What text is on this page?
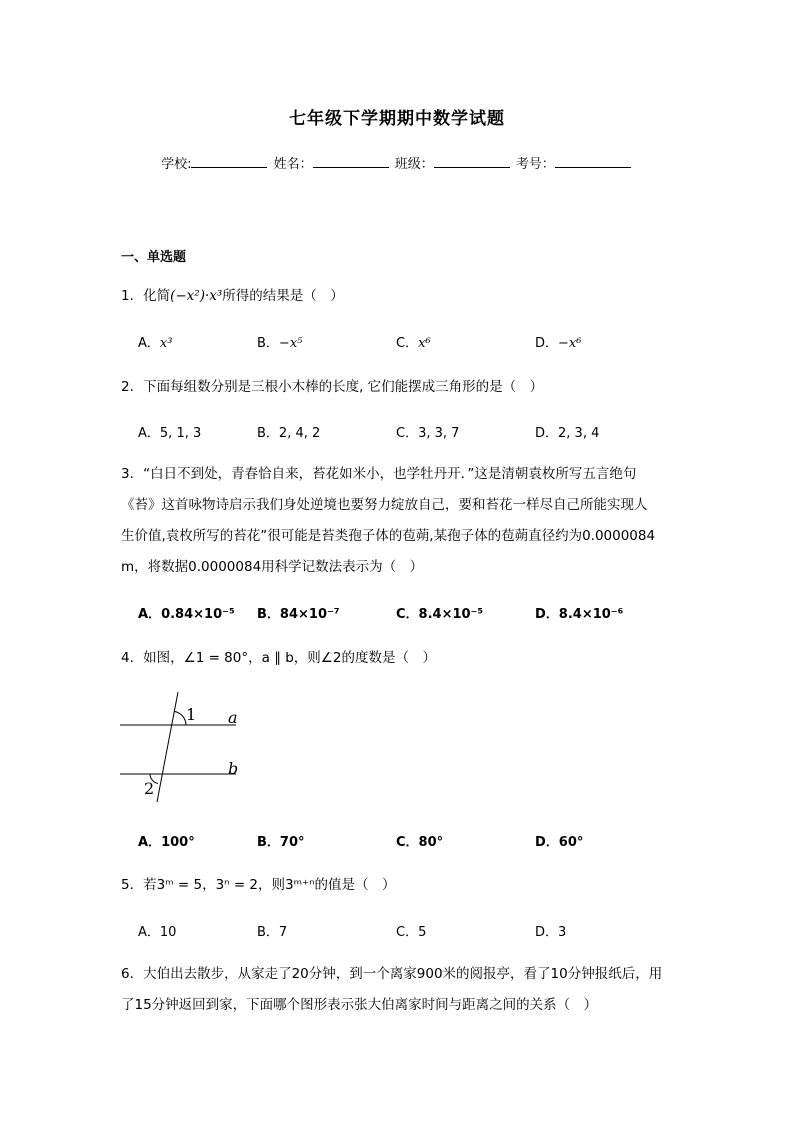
七年级下学期期中数学试题
学校:	姓名：	班级：	考号：
一、单选题
1．化简(−x²)·x³所得的结果是（　）
A．x³	B．−x⁵	C．x⁶	D．−x⁶
2．下面每组数分别是三根小木棒的长度, 它们能摆成三角形的是（　）
A．5, 1, 3	B．2, 4, 2	C．3, 3, 7	D．2, 3, 4
3．“白日不到处，青春恰自来，苔花如米小，也学牡丹开．”这是清朝袁枚所写五言绝句
《苔》这首咏物诗启示我们身处逆境也要努力绽放自己，要和苔花一样尽自己所能实现人
生价值,袁枚所写的苔花”很可能是苔类孢子体的苞蒴,某孢子体的苞蒴直径约为0.0000084
m，将数据0.0000084用科学记数法表示为（　）
A．0.84×10⁻⁵ B．84×10⁻⁷	C．8.4×10⁻⁵	D．8.4×10⁻⁶
4．如图，∠1 = 80°，a ∥ b，则∠2的度数是（　）
1
2
a
b
A．100°	B．70°	C．80°	D．60°
5．若3ᵐ = 5，3ⁿ = 2，则3ᵐ⁺ⁿ的值是（　）
A．10	B．7	C．5	D．3
6．大伯出去散步，从家走了20分钟，到一个离家900米的阅报亭，看了10分钟报纸后，用
了15分钟返回到家，下面哪个图形表示张大伯离家时间与距离之间的关系（　）
